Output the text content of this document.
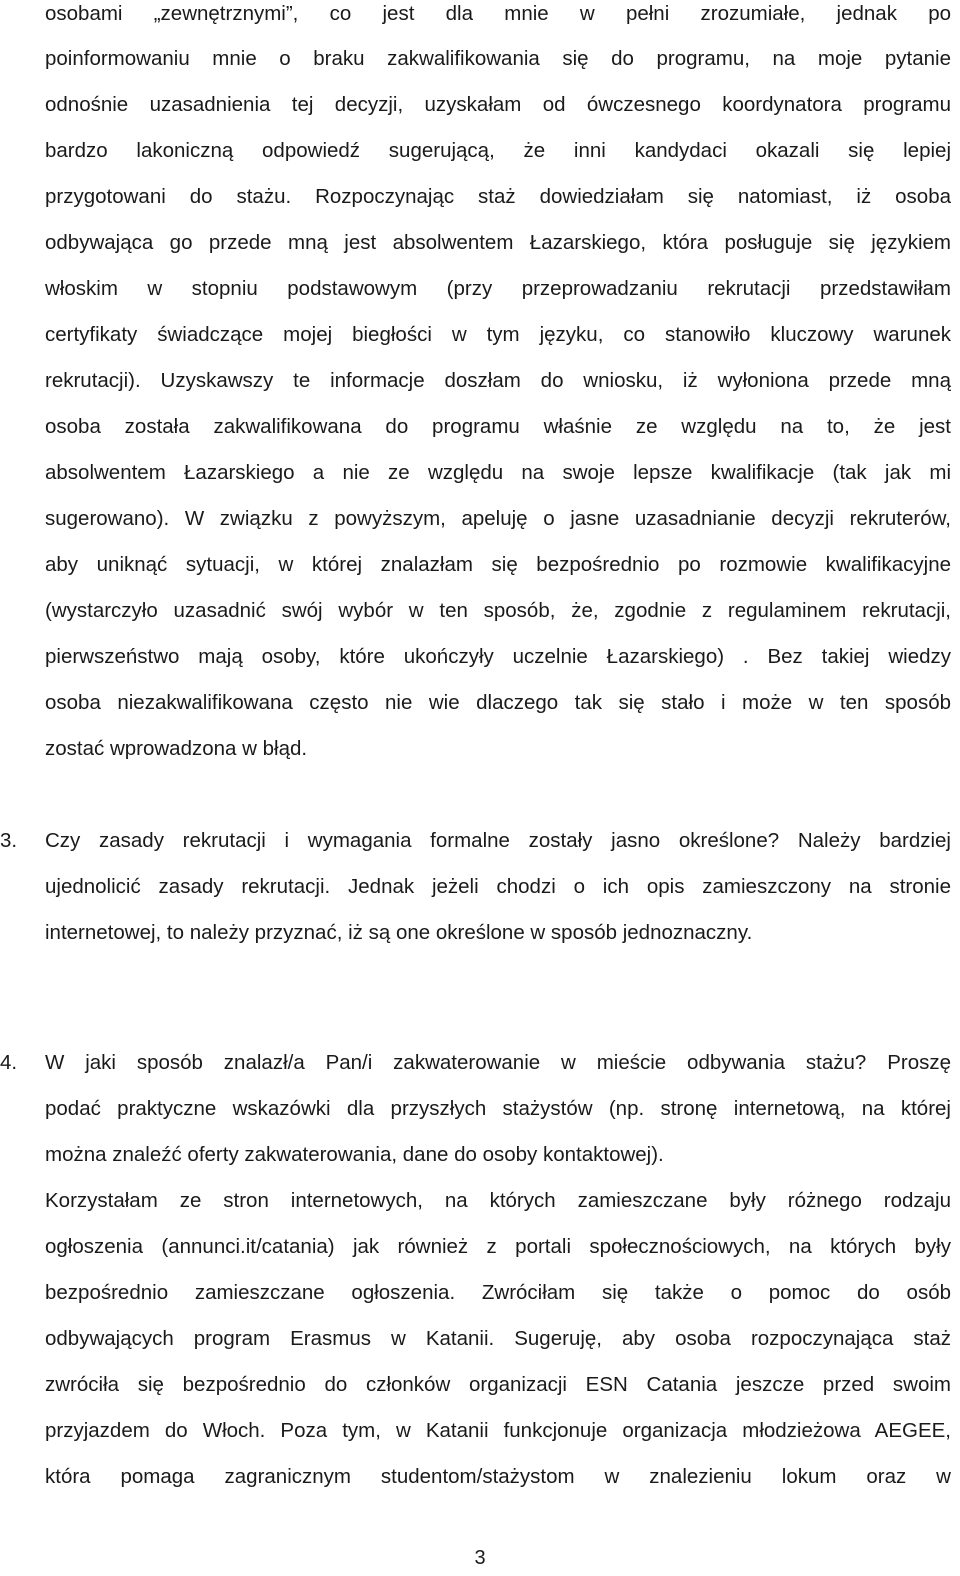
osobami „zewnętrznymi”, co jest dla mnie w pełni zrozumiałe, jednak po
poinformowaniu mnie o braku zakwalifikowania się do programu, na moje pytanie
odnośnie uzasadnienia tej decyzji, uzyskałam od ówczesnego koordynatora programu
bardzo lakoniczną odpowiedź sugerującą, że inni kandydaci okazali się lepiej
przygotowani do stażu. Rozpoczynając staż dowiedziałam się natomiast, iż osoba
odbywająca go przede mną jest absolwentem Łazarskiego, która posługuje się językiem
włoskim w stopniu podstawowym (przy przeprowadzaniu rekrutacji przedstawiłam
certyfikaty świadczące mojej biegłości w tym języku, co stanowiło kluczowy warunek
rekrutacji). Uzyskawszy te informacje doszłam do wniosku, iż wyłoniona przede mną
osoba została zakwalifikowana do programu właśnie ze względu na to, że jest
absolwentem Łazarskiego a nie ze względu na swoje lepsze kwalifikacje (tak jak mi
sugerowano). W związku z powyższym, apeluję o jasne uzasadnianie decyzji rekruterów,
aby uniknąć sytuacji, w której znalazłam się bezpośrednio po rozmowie kwalifikacyjne
(wystarczyło uzasadnić swój wybór w ten sposób, że, zgodnie z regulaminem rekrutacji,
pierwszeństwo mają osoby, które ukończyły uczelnie Łazarskiego) . Bez takiej wiedzy
osoba niezakwalifikowana często nie wie dlaczego tak się stało i może w ten sposób
zostać wprowadzona w błąd.
3. Czy zasady rekrutacji i wymagania formalne zostały jasno określone? Należy bardziej
ujednolicić zasady rekrutacji. Jednak jeżeli chodzi o ich opis zamieszczony na stronie
internetowej, to należy przyznać, iż są one określone w sposób jednoznaczny.
4. W jaki sposób znalazł/a Pan/i zakwaterowanie w mieście odbywania stażu? Proszę
podać praktyczne wskazówki dla przyszłych stażystów (np. stronę internetową, na której
można znaleźć oferty zakwaterowania, dane do osoby kontaktowej).
Korzystałam ze stron internetowych, na których zamieszczane były różnego rodzaju
ogłoszenia (annunci.it/catania) jak również z portali społecznościowych, na których były
bezpośrednio zamieszczane ogłoszenia. Zwróciłam się także o pomoc do osób
odbywających program Erasmus w Katanii. Sugeruję, aby osoba rozpoczynająca staż
zwróciła się bezpośrednio do członków organizacji ESN Catania jeszcze przed swoim
przyjazdem do Włoch. Poza tym, w Katanii funkcjonuje organizacja młodzieżowa AEGEE,
która pomaga zagranicznym studentom/stażystom w znalezieniu lokum oraz w
3
